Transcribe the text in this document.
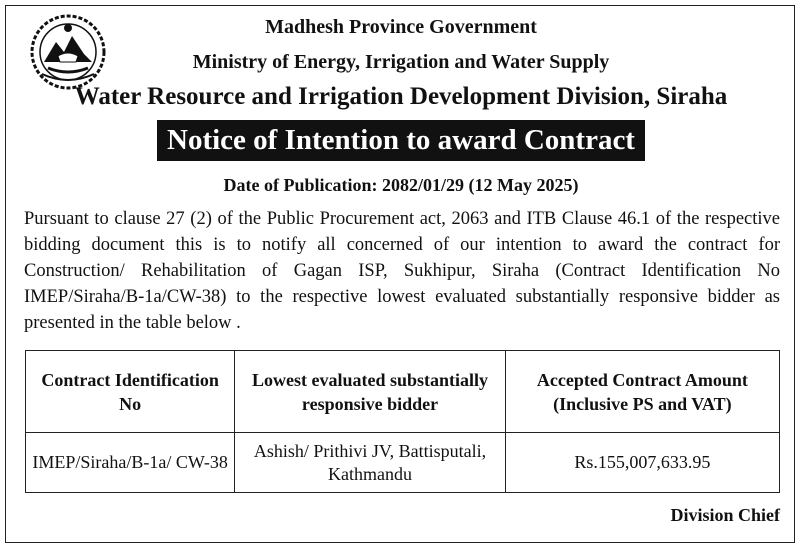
Madhesh Province Government
Ministry of Energy, Irrigation and Water Supply
Water Resource and Irrigation Development Division, Siraha
Notice of Intention to award Contract
Date of Publication: 2082/01/29 (12 May 2025)

Pursuant to clause 27 (2) of the Public Procurement act, 2063 and ITB Clause 46.1 of the respective bidding document this is to notify all concerned of our intention to award the contract for Construction/ Rehabilitation of Gagan ISP, Sukhipur, Siraha (Contract Identification No IMEP/Siraha/B-1a/CW-38) to the respective lowest evaluated substantially responsive bidder as presented in the table below .

Contract Identification No	Lowest evaluated substantially responsive bidder	Accepted Contract Amount (Inclusive PS and VAT)
IMEP/Siraha/B-1a/ CW-38	Ashish/ Prithivi JV, Battisputali, Kathmandu	Rs.155,007,633.95
Division Chief
